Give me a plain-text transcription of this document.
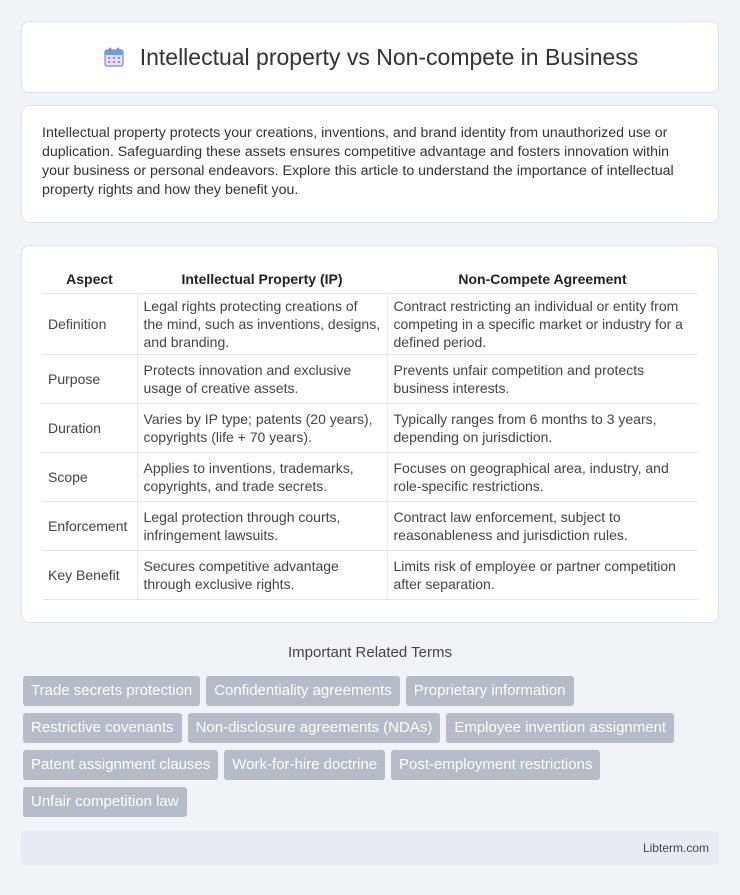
Intellectual property vs Non-compete in Business

Intellectual property protects your creations, inventions, and brand identity from unauthorized use or duplication. Safeguarding these assets ensures competitive advantage and fosters innovation within your business or personal endeavors. Explore this article to understand the importance of intellectual property rights and how they benefit you.

Aspect	Intellectual Property (IP)	Non-Compete Agreement
Definition	Legal rights protecting creations of the mind, such as inventions, designs, and branding.	Contract restricting an individual or entity from competing in a specific market or industry for a defined period.
Purpose	Protects innovation and exclusive usage of creative assets.	Prevents unfair competition and protects business interests.
Duration	Varies by IP type; patents (20 years), copyrights (life + 70 years).	Typically ranges from 6 months to 3 years, depending on jurisdiction.
Scope	Applies to inventions, trademarks, copyrights, and trade secrets.	Focuses on geographical area, industry, and role-specific restrictions.
Enforcement	Legal protection through courts, infringement lawsuits.	Contract law enforcement, subject to reasonableness and jurisdiction rules.
Key Benefit	Secures competitive advantage through exclusive rights.	Limits risk of employee or partner competition after separation.
Important Related Terms
Trade secrets protection	Confidentiality agreements	Proprietary information
Restrictive covenants	Non-disclosure agreements (NDAs)	Employee invention assignment
Patent assignment clauses	Work-for-hire doctrine	Post-employment restrictions
Unfair competition law
Libterm.com
